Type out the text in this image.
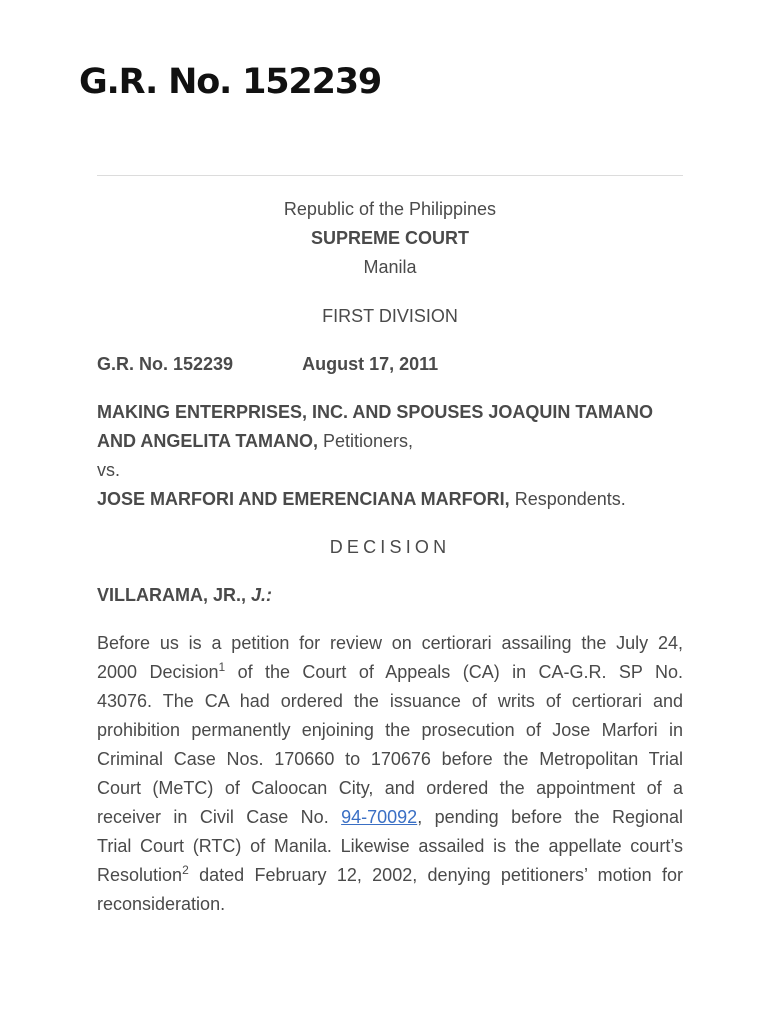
G.R. No. 152239
Republic of the Philippines
SUPREME COURT
Manila
FIRST DIVISION
G.R. No. 152239	August 17, 2011
MAKING ENTERPRISES, INC. AND SPOUSES JOAQUIN TAMANO
AND ANGELITA TAMANO, Petitioners,
vs.
JOSE MARFORI AND EMERENCIANA MARFORI, Respondents.
DECISION
VILLARAMA, JR., J.:
Before us is a petition for review on certiorari assailing the July 24,
2000 Decision$^1$ of the Court of Appeals (CA) in CA-G.R. SP No.
43076. The CA had ordered the issuance of writs of certiorari and
prohibition permanently enjoining the prosecution of Jose Marfori in
Criminal Case Nos. 170660 to 170676 before the Metropolitan Trial
Court (MeTC) of Caloocan City, and ordered the appointment of a
receiver in Civil Case No. 94-70092, pending before the Regional
Trial Court (RTC) of Manila. Likewise assailed is the appellate court’s
Resolution$^2$ dated February 12, 2002, denying petitioners’ motion for
reconsideration.
